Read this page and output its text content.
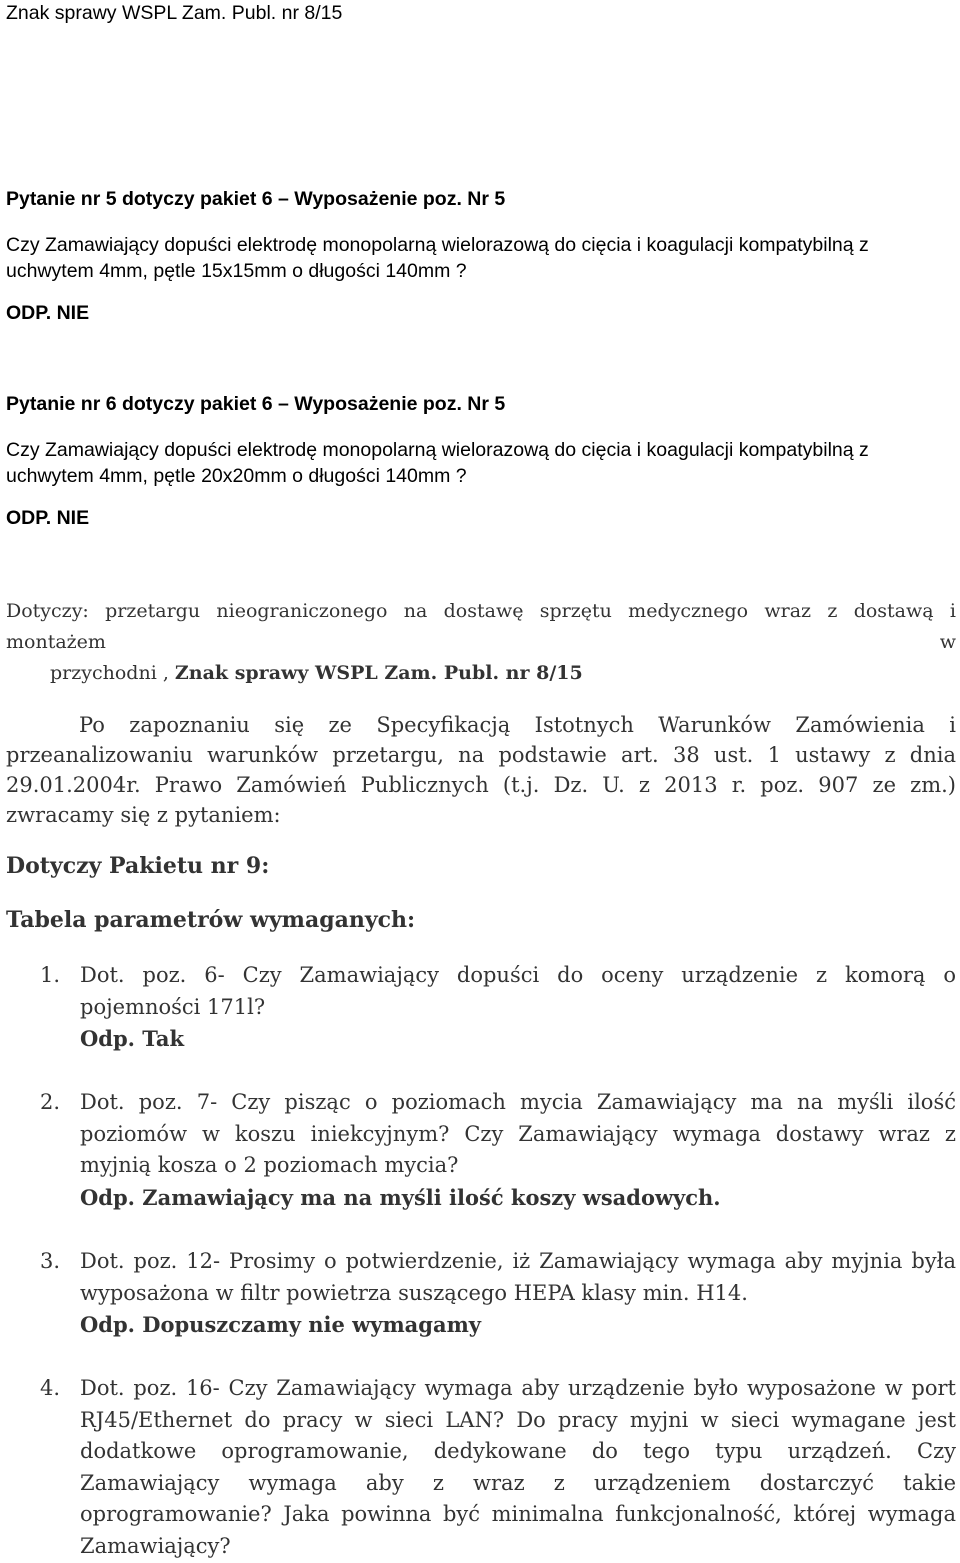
Znak sprawy WSPL Zam. Publ. nr 8/15
Pytanie nr 5 dotyczy pakiet 6 – Wyposażenie poz. Nr 5

Czy Zamawiający dopuści elektrodę monopolarną wielorazową do cięcia i koagulacji kompatybilną z

uchwytem 4mm, pętle 15x15mm o długości 140mm ?

ODP. NIE
Pytanie nr 6 dotyczy pakiet 6 – Wyposażenie poz. Nr 5

Czy Zamawiający dopuści elektrodę monopolarną wielorazową do cięcia i koagulacji kompatybilną z

uchwytem 4mm, pętle 20x20mm o długości 140mm ?

ODP. NIE

Dotyczy: przetargu nieograniczonego na dostawę sprzętu medycznego wraz z dostawą i montażem w

przychodni , Znak sprawy WSPL Zam. Publ. nr 8/15

Po zapoznaniu się ze Specyfikacją Istotnych Warunków Zamówienia i

przeanalizowaniu warunków przetargu, na podstawie art. 38 ust. 1 ustawy z dnia

29.01.2004r. Prawo Zamówień Publicznych (t.j. Dz. U. z 2013 r. poz. 907 ze zm.)

zwracamy się z pytaniem:

Dotyczy Pakietu nr 9:
Tabela parametrów wymaganych:
1. Dot. poz. 6- Czy Zamawiający dopuści do oceny urządzenie z komorą o

pojemności 171l?

Odp. Tak

2. Dot. poz. 7- Czy pisząc o poziomach mycia Zamawiający ma na myśli ilość

poziomów w koszu iniekcyjnym? Czy Zamawiający wymaga dostawy wraz z

myjnią kosza o 2 poziomach mycia?

Odp. Zamawiający ma na myśli ilość koszy wsadowych.

3. Dot. poz. 12- Prosimy o potwierdzenie, iż Zamawiający wymaga aby myjnia była

wyposażona w filtr powietrza suszącego HEPA klasy min. H14.

Odp. Dopuszczamy nie wymagamy

4. Dot. poz. 16- Czy Zamawiający wymaga aby urządzenie było wyposażone w port

RJ45/Ethernet do pracy w sieci LAN? Do pracy myjni w sieci wymagane jest

dodatkowe oprogramowanie, dedykowane do tego typu urządzeń. Czy

Zamawiający wymaga aby z wraz z urządzeniem dostarczyć takie

oprogramowanie? Jaka powinna być minimalna funkcjonalność, której wymaga

Zamawiający?
